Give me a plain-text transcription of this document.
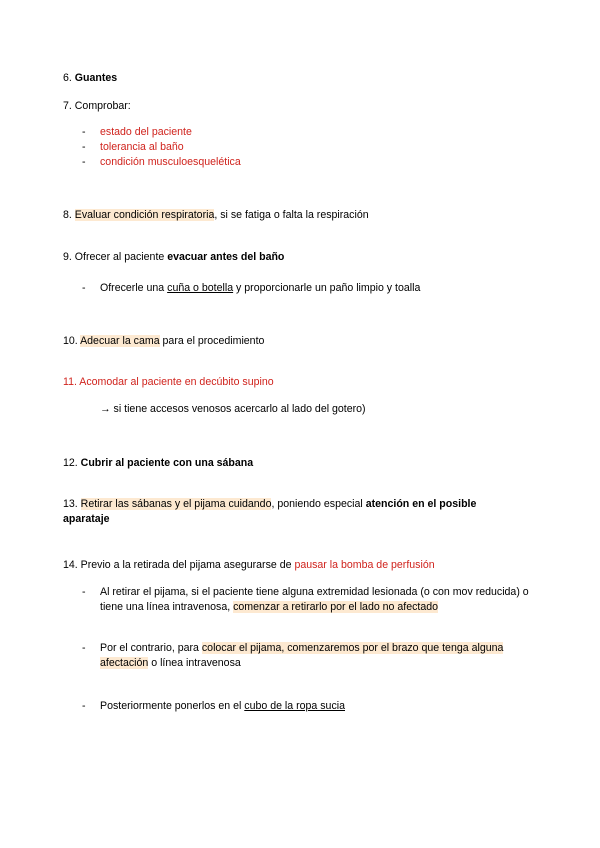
6. Guantes
7. Comprobar:
- estado del paciente
- tolerancia al baño
- condición musculoesquelética
8. Evaluar condición respiratoria, si se fatiga o falta la respiración
9. Ofrecer al paciente evacuar antes del baño
- Ofrecerle una cuña o botella y proporcionarle un paño limpio y toalla
10. Adecuar la cama para el procedimiento
11. Acomodar al paciente en decúbito supino
→ si tiene accesos venosos acercarlo al lado del gotero)
12. Cubrir al paciente con una sábana
13. Retirar las sábanas y el pijama cuidando, poniendo especial atención en el posible aparataje
14. Previo a la retirada del pijama asegurarse de pausar la bomba de perfusión
- Al retirar el pijama, si el paciente tiene alguna extremidad lesionada (o con mov reducida) o tiene una línea intravenosa, comenzar a retirarlo por el lado no afectado
- Por el contrario, para colocar el pijama, comenzaremos por el brazo que tenga alguna afectación o línea intravenosa
- Posteriormente ponerlos en el cubo de la ropa sucia
